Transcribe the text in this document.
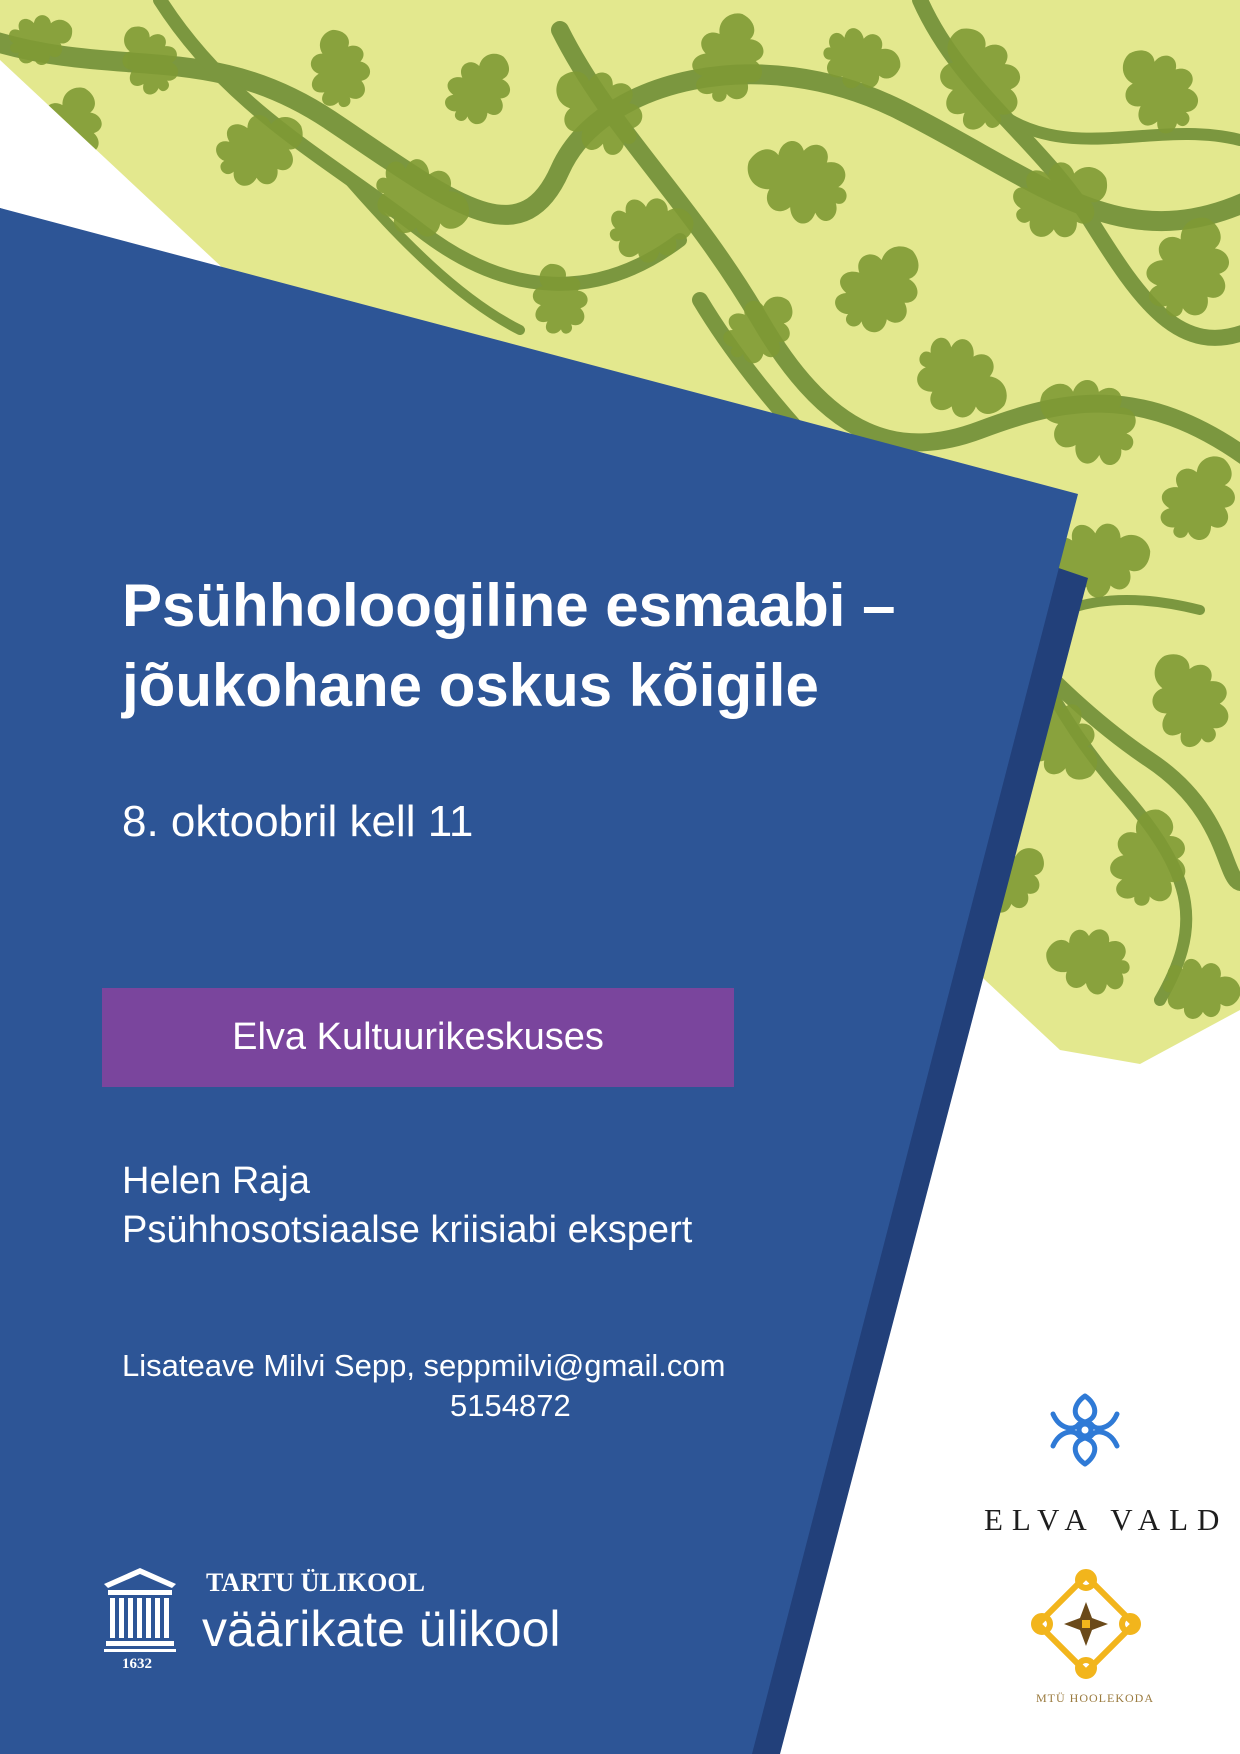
Psühholoogiline esmaabi –
jõukohane oskus kõigile
8. oktoobril kell 11
Elva Kultuurikeskuses
Helen Raja
Psühhosotsiaalse kriisiabi ekspert
Lisateave Milvi Sepp, seppmilvi@gmail.com
5154872
TARTU ÜLIKOOL
väärikate ülikool
1632
ELVA VALD
MTÜ HOOLEKODA
